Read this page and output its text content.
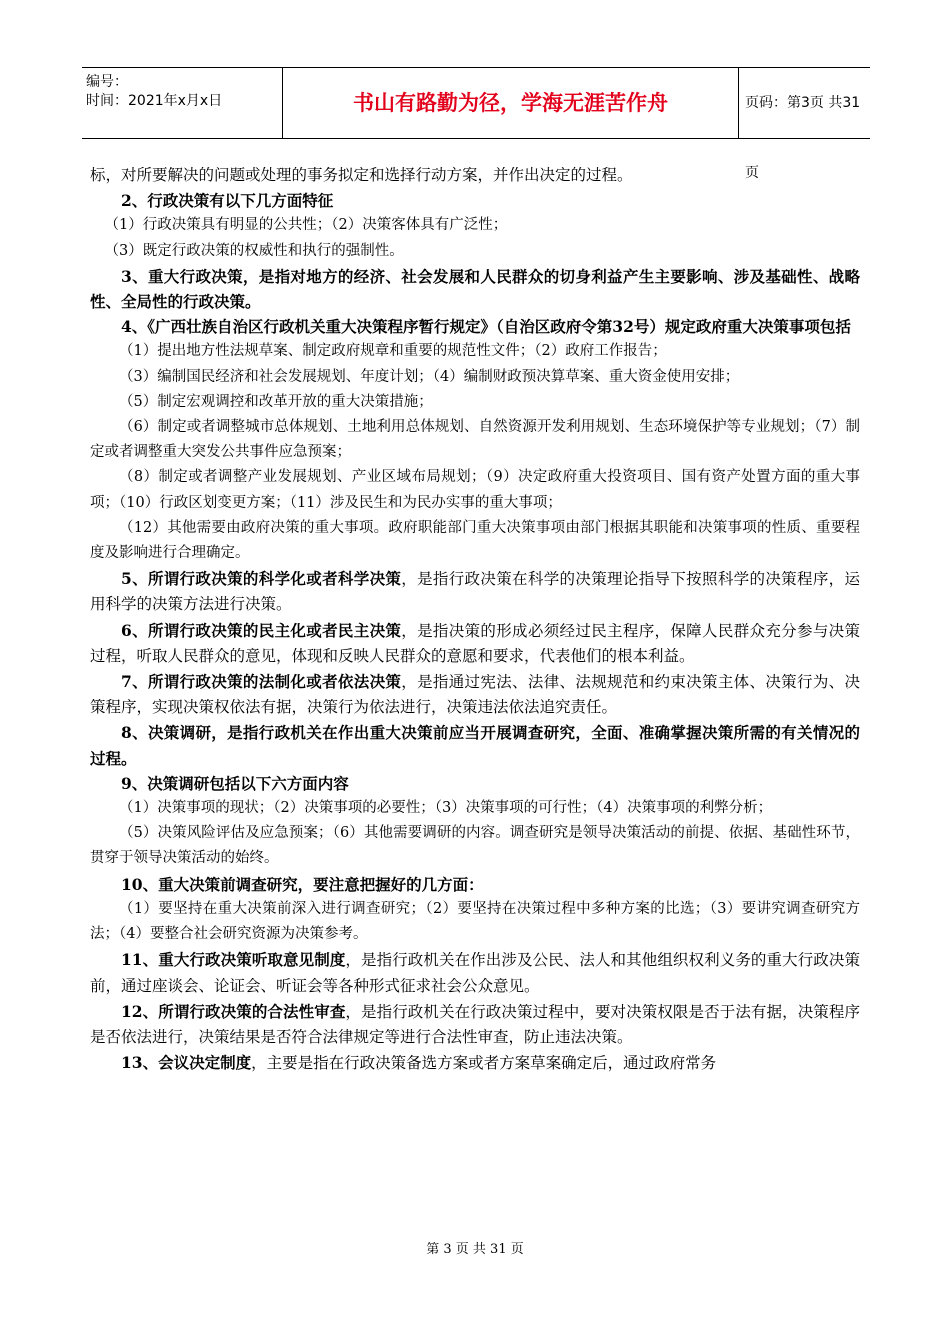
编号：
时间：2021年x月x日	书山有路勤为径，学海无涯苦作舟	页码：第3页 共31页

标，对所要解决的问题或处理的事务拟定和选择行动方案，并作出决定的过程。

2、行政决策有以下几方面特征

（1）行政决策具有明显的公共性；（2）决策客体具有广泛性；

（3）既定行政决策的权威性和执行的强制性。

3、重大行政决策，是指对地方的经济、社会发展和人民群众的切身利益产生主要影响、涉及基础性、战略性、全局性的行政决策。

4、《广西壮族自治区行政机关重大决策程序暂行规定》（自治区政府令第32号）规定政府重大决策事项包括

（1）提出地方性法规草案、制定政府规章和重要的规范性文件；（2）政府工作报告；

（3）编制国民经济和社会发展规划、年度计划；（4）编制财政预决算草案、重大资金使用安排；

（5）制定宏观调控和改革开放的重大决策措施；

（6）制定或者调整城市总体规划、土地利用总体规划、自然资源开发利用规划、生态环境保护等专业规划；（7）制定或者调整重大突发公共事件应急预案；

（8）制定或者调整产业发展规划、产业区域布局规划；（9）决定政府重大投资项目、国有资产处置方面的重大事项；（10）行政区划变更方案；（11）涉及民生和为民办实事的重大事项；

（12）其他需要由政府决策的重大事项。政府职能部门重大决策事项由部门根据其职能和决策事项的性质、重要程度及影响进行合理确定。

5、所谓行政决策的科学化或者科学决策，是指行政决策在科学的决策理论指导下按照科学的决策程序，运用科学的决策方法进行决策。

6、所谓行政决策的民主化或者民主决策，是指决策的形成必须经过民主程序，保障人民群众充分参与决策过程，听取人民群众的意见，体现和反映人民群众的意愿和要求，代表他们的根本利益。

7、所谓行政决策的法制化或者依法决策，是指通过宪法、法律、法规规范和约束决策主体、决策行为、决策程序，实现决策权依法有据，决策行为依法进行，决策违法依法追究责任。

8、决策调研，是指行政机关在作出重大决策前应当开展调查研究，全面、准确掌握决策所需的有关情况的过程。

9、决策调研包括以下六方面内容

（1）决策事项的现状；（2）决策事项的必要性；（3）决策事项的可行性；（4）决策事项的利弊分析；

（5）决策风险评估及应急预案；（6）其他需要调研的内容。调查研究是领导决策活动的前提、依据、基础性环节，贯穿于领导决策活动的始终。

10、重大决策前调查研究，要注意把握好的几方面：

（1）要坚持在重大决策前深入进行调查研究；（2）要坚持在决策过程中多种方案的比选；（3）要讲究调查研究方法；（4）要整合社会研究资源为决策参考。

11、重大行政决策听取意见制度，是指行政机关在作出涉及公民、法人和其他组织权利义务的重大行政决策前，通过座谈会、论证会、听证会等各种形式征求社会公众意见。

12、所谓行政决策的合法性审查，是指行政机关在行政决策过程中，要对决策权限是否于法有据，决策程序是否依法进行，决策结果是否符合法律规定等进行合法性审查，防止违法决策。

13、会议决定制度，主要是指在行政决策备选方案或者方案草案确定后，通过政府常务

第 3 页 共 31 页
